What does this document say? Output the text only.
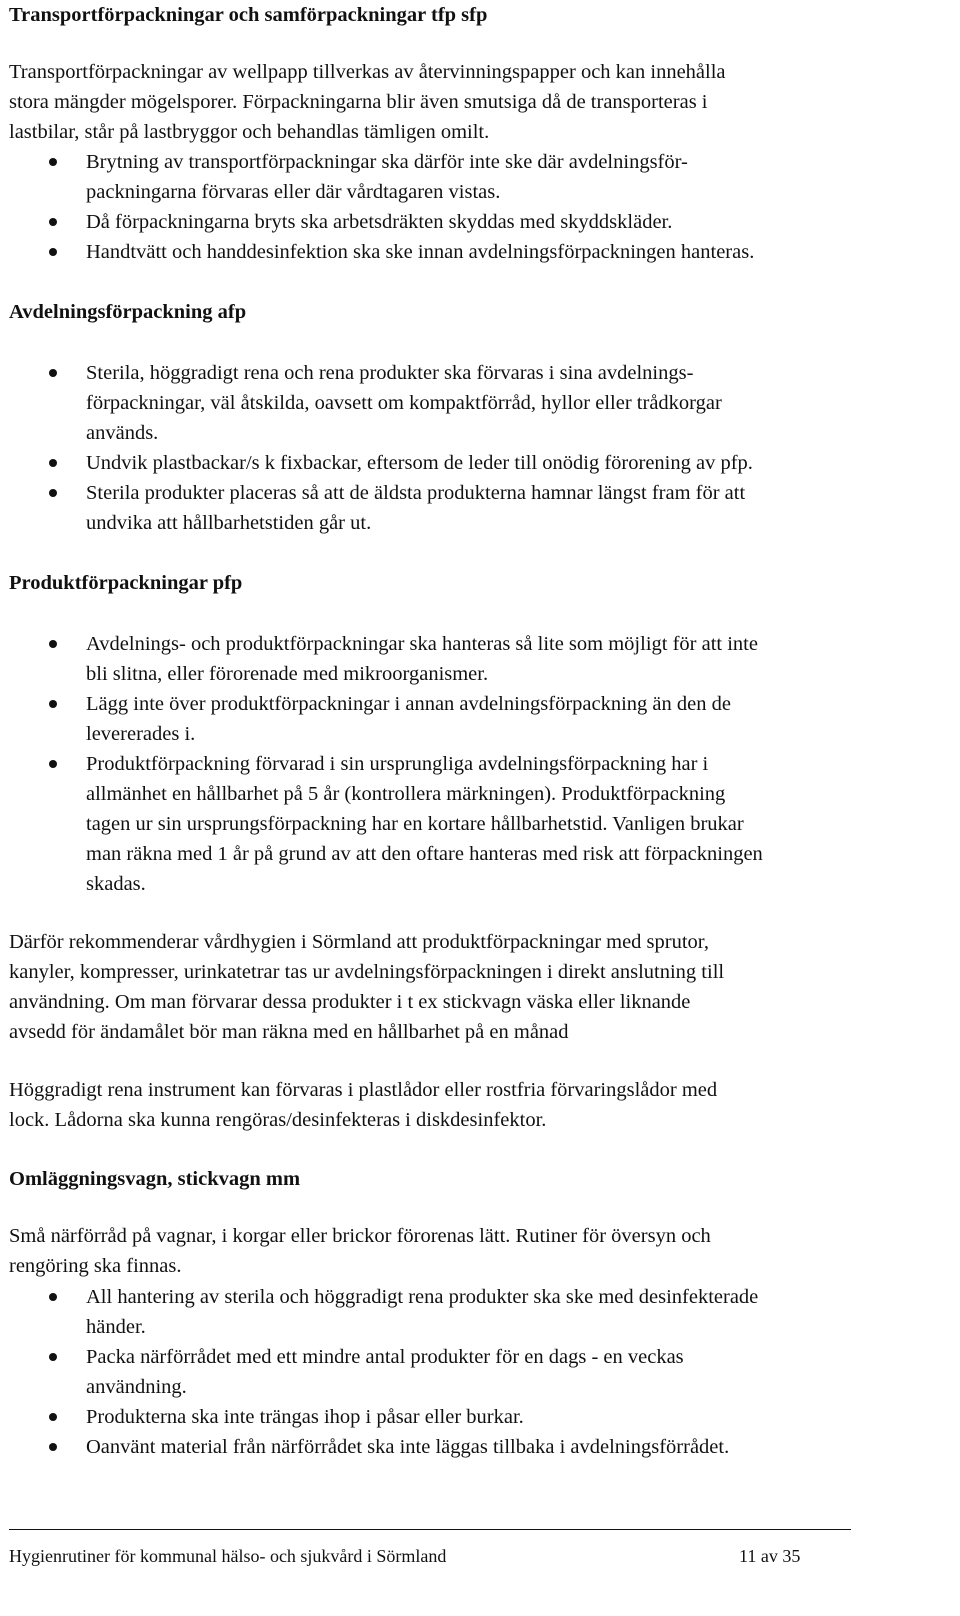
Transportförpackningar och samförpackningar tfp sfp

Transportförpackningar av wellpapp tillverkas av återvinningspapper och kan innehålla

stora mängder mögelsporer. Förpackningarna blir även smutsiga då de transporteras i

lastbilar, står på lastbryggor och behandlas tämligen omilt.

Brytning av transportförpackningar ska därför inte ske där avdelningsför-
packningarna förvaras eller där vårdtagaren vistas.
Då förpackningarna bryts ska arbetsdräkten skyddas med skyddskläder.
Handtvätt och handdesinfektion ska ske innan avdelningsförpackningen hanteras.
Avdelningsförpackning afp
Sterila, höggradigt rena och rena produkter ska förvaras i sina avdelnings-
förpackningar, väl åtskilda, oavsett om kompaktförråd, hyllor eller trådkorgar
används.
Undvik plastbackar/s k fixbackar, eftersom de leder till onödig förorening av pfp.
Sterila produkter placeras så att de äldsta produkterna hamnar längst fram för att
undvika att hållbarhetstiden går ut.
Produktförpackningar pfp
Avdelnings- och produktförpackningar ska hanteras så lite som möjligt för att inte
bli slitna, eller förorenade med mikroorganismer.
Lägg inte över produktförpackningar i annan avdelningsförpackning än den de
levererades i.
Produktförpackning förvarad i sin ursprungliga avdelningsförpackning har i
allmänhet en hållbarhet på 5 år (kontrollera märkningen). Produktförpackning
tagen ur sin ursprungsförpackning har en kortare hållbarhetstid. Vanligen brukar
man räkna med 1 år på grund av att den oftare hanteras med risk att förpackningen
skadas.

Därför rekommenderar vårdhygien i Sörmland att produktförpackningar med sprutor,

kanyler, kompresser, urinkatetrar tas ur avdelningsförpackningen i direkt anslutning till

användning. Om man förvarar dessa produkter i t ex stickvagn väska eller liknande

avsedd för ändamålet bör man räkna med en hållbarhet på en månad

Höggradigt rena instrument kan förvaras i plastlådor eller rostfria förvaringslådor med

lock. Lådorna ska kunna rengöras/desinfekteras i diskdesinfektor.

Omläggningsvagn, stickvagn mm

Små närförråd på vagnar, i korgar eller brickor förorenas lätt. Rutiner för översyn och

rengöring ska finnas.

All hantering av sterila och höggradigt rena produkter ska ske med desinfekterade
händer.
Packa närförrådet med ett mindre antal produkter för en dags - en veckas
användning.
Produkterna ska inte trängas ihop i påsar eller burkar.
Oanvänt material från närförrådet ska inte läggas tillbaka i avdelningsförrådet.
Hygienrutiner för kommunal hälso- och sjukvård i Sörmland	11 av 35
